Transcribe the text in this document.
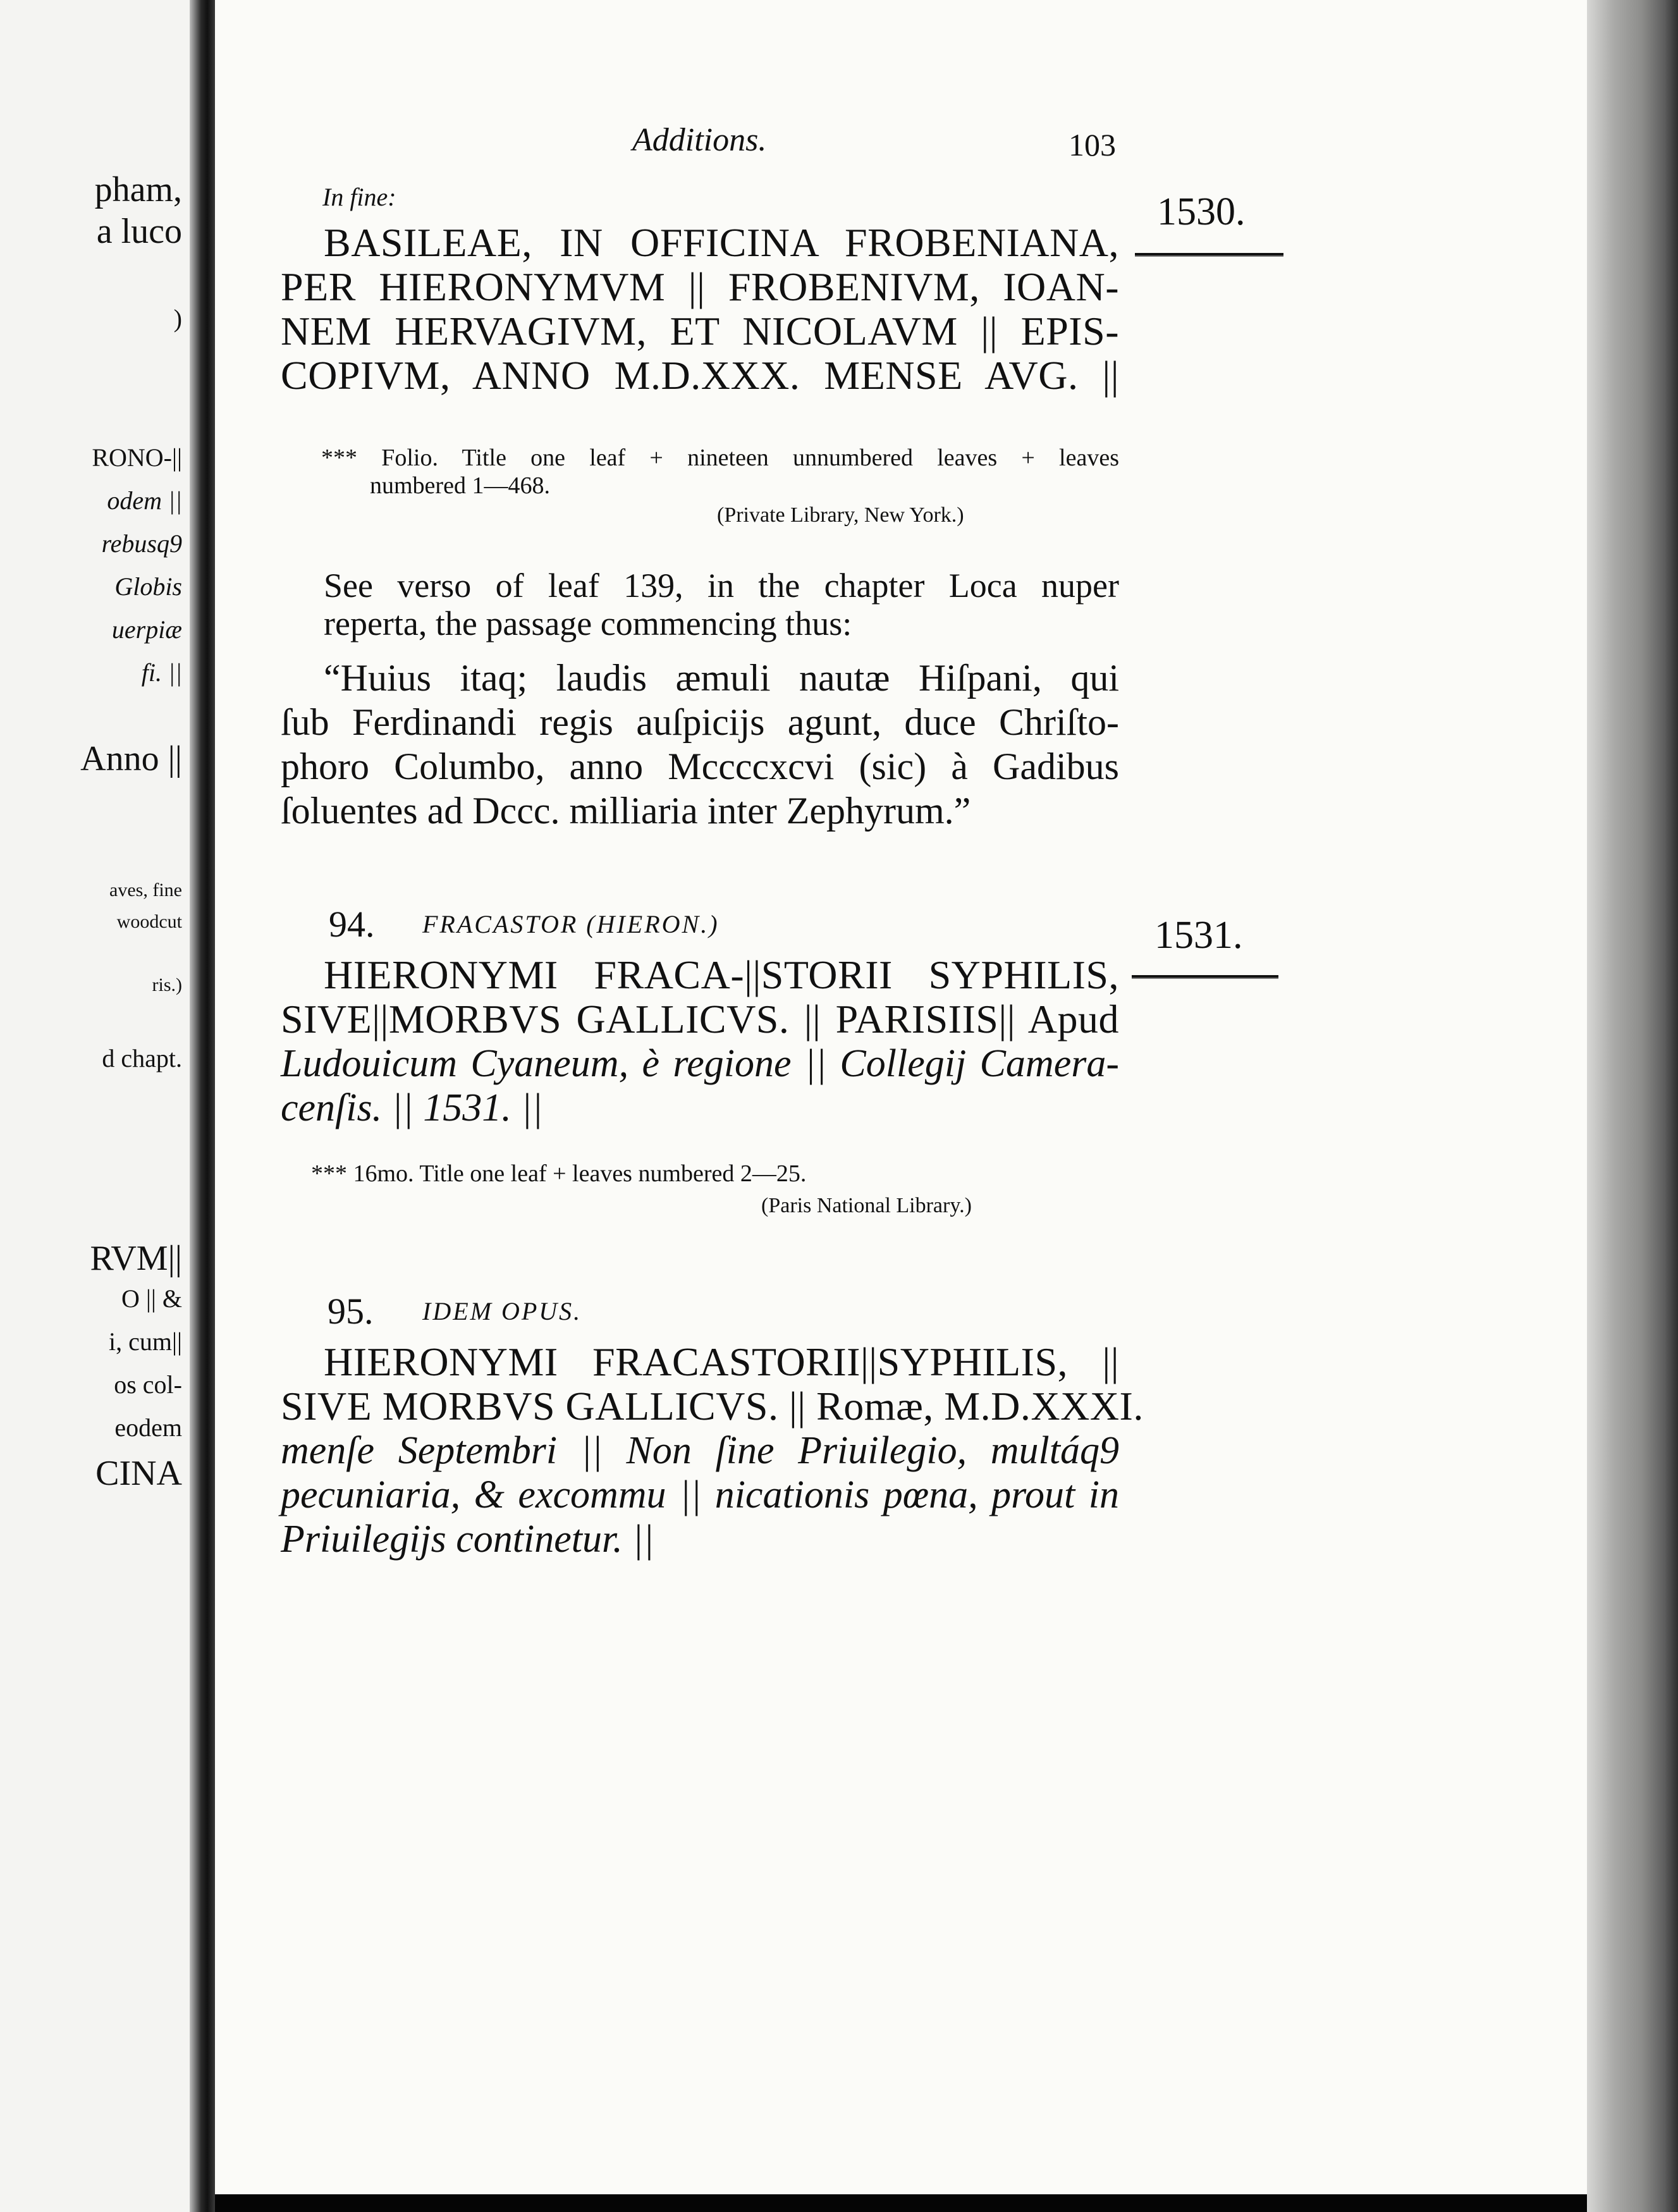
pham,
a luco
)
RONO-||
odem ||
rebusq9
Globis
uerpiæ
fi. ||
Anno ||
aves, fine
woodcut
ris.)
d chapt.
RVM||
O || &
i, cum||
os col-
eodem
CINA
Additions.	103
1530.
In fine:
BASILEAE, IN OFFICINA FROBENIANA,
PER HIERONYMVM || FROBENIVM, IOAN-
NEM HERVAGIVM, ET NICOLAVM || EPIS-
COPIVM, ANNO M.D.XXX. MENSE AVG. ||
*** Folio. Title one leaf + nineteen unnumbered leaves + leaves
numbered 1—468.
(Private Library, New York.)
See verso of leaf 139, in the chapter Loca nuper
reperta, the passage commencing thus:
“Huius itaq; laudis æmuli nautæ Hiſpani, qui
ſub Ferdinandi regis auſpicijs agunt, duce Chriſto-
phoro Columbo, anno Mccccxcvi (sic) à Gadibus
ſoluentes ad Dccc. milliaria inter Zephyrum.”
1531.
94. FRACASTOR (HIERON.)
HIERONYMI FRACA-||STORII SYPHILIS,
SIVE||MORBVS GALLICVS. || PARISIIS|| Apud
Ludouicum Cyaneum, è regione || Collegij Camera-
cenſis. || 1531. ||
*** 16mo. Title one leaf + leaves numbered 2—25.
(Paris National Library.)
95. IDEM OPUS.
HIERONYMI FRACASTORII||SYPHILIS, ||
SIVE MORBVS GALLICVS. || Romæ, M.D.XXXI.
menſe Septembri || Non ſine Priuilegio, multáq9
pecuniaria, & excommu || nicationis pœna, prout in
Priuilegijs continetur. ||
